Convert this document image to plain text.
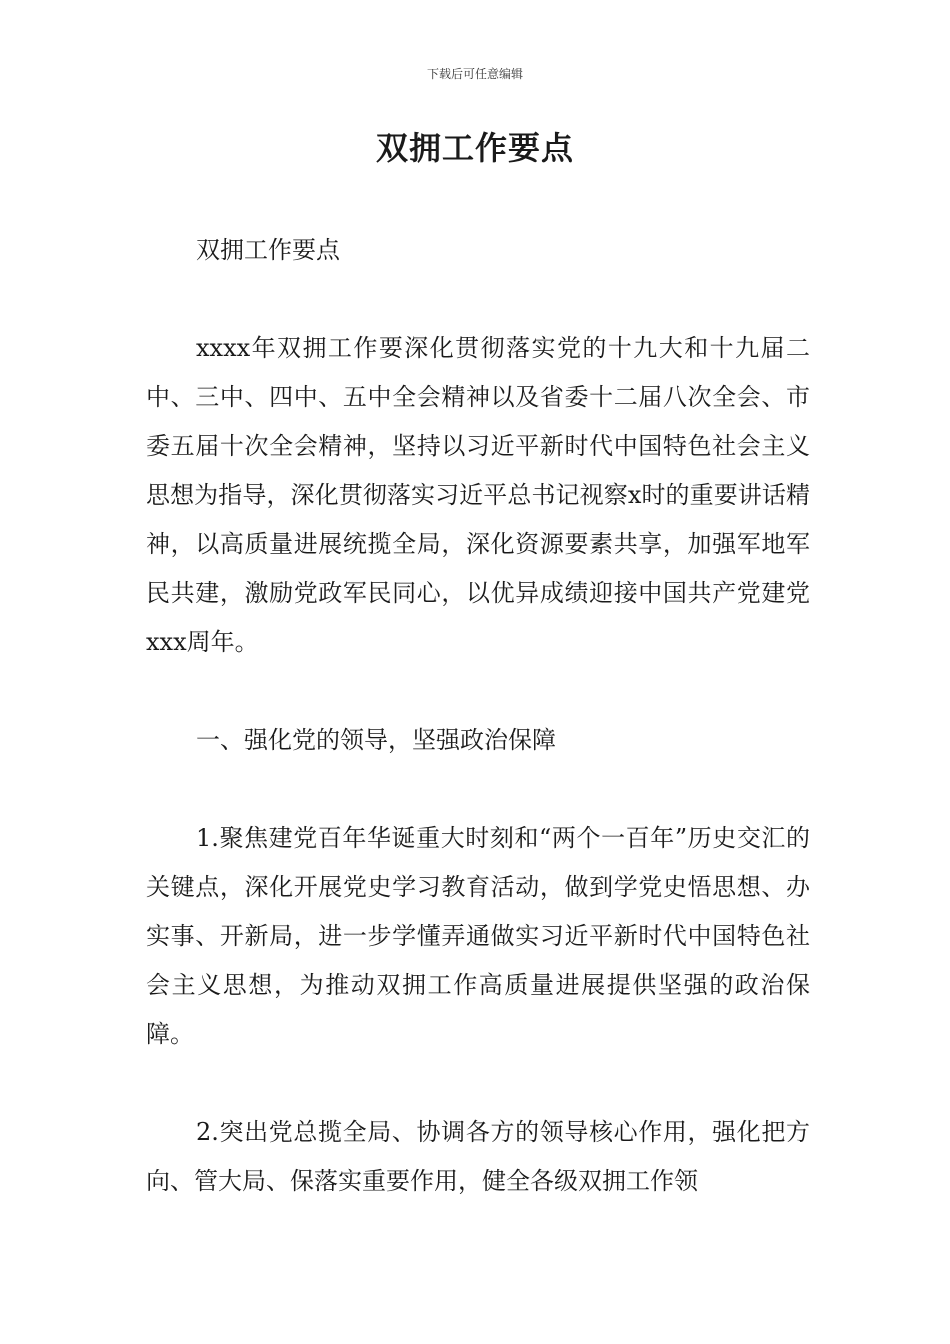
下载后可任意编辑
双拥工作要点

双拥工作要点

xxxx年双拥工作要深化贯彻落实党的十九大和十九届二中、三中、四中、五中全会精神以及省委十二届八次全会、市委五届十次全会精神，坚持以习近平新时代中国特色社会主义思想为指导，深化贯彻落实习近平总书记视察x时的重要讲话精神，以高质量进展统揽全局，深化资源要素共享，加强军地军民共建，激励党政军民同心，以优异成绩迎接中国共产党建党xxx周年。

一、强化党的领导，坚强政治保障

1.聚焦建党百年华诞重大时刻和“两个一百年”历史交汇的关键点，深化开展党史学习教育活动，做到学党史悟思想、办实事、开新局，进一步学懂弄通做实习近平新时代中国特色社会主义思想，为推动双拥工作高质量进展提供坚强的政治保障。

2.突出党总揽全局、协调各方的领导核心作用，强化把方向、管大局、保落实重要作用，健全各级双拥工作领
